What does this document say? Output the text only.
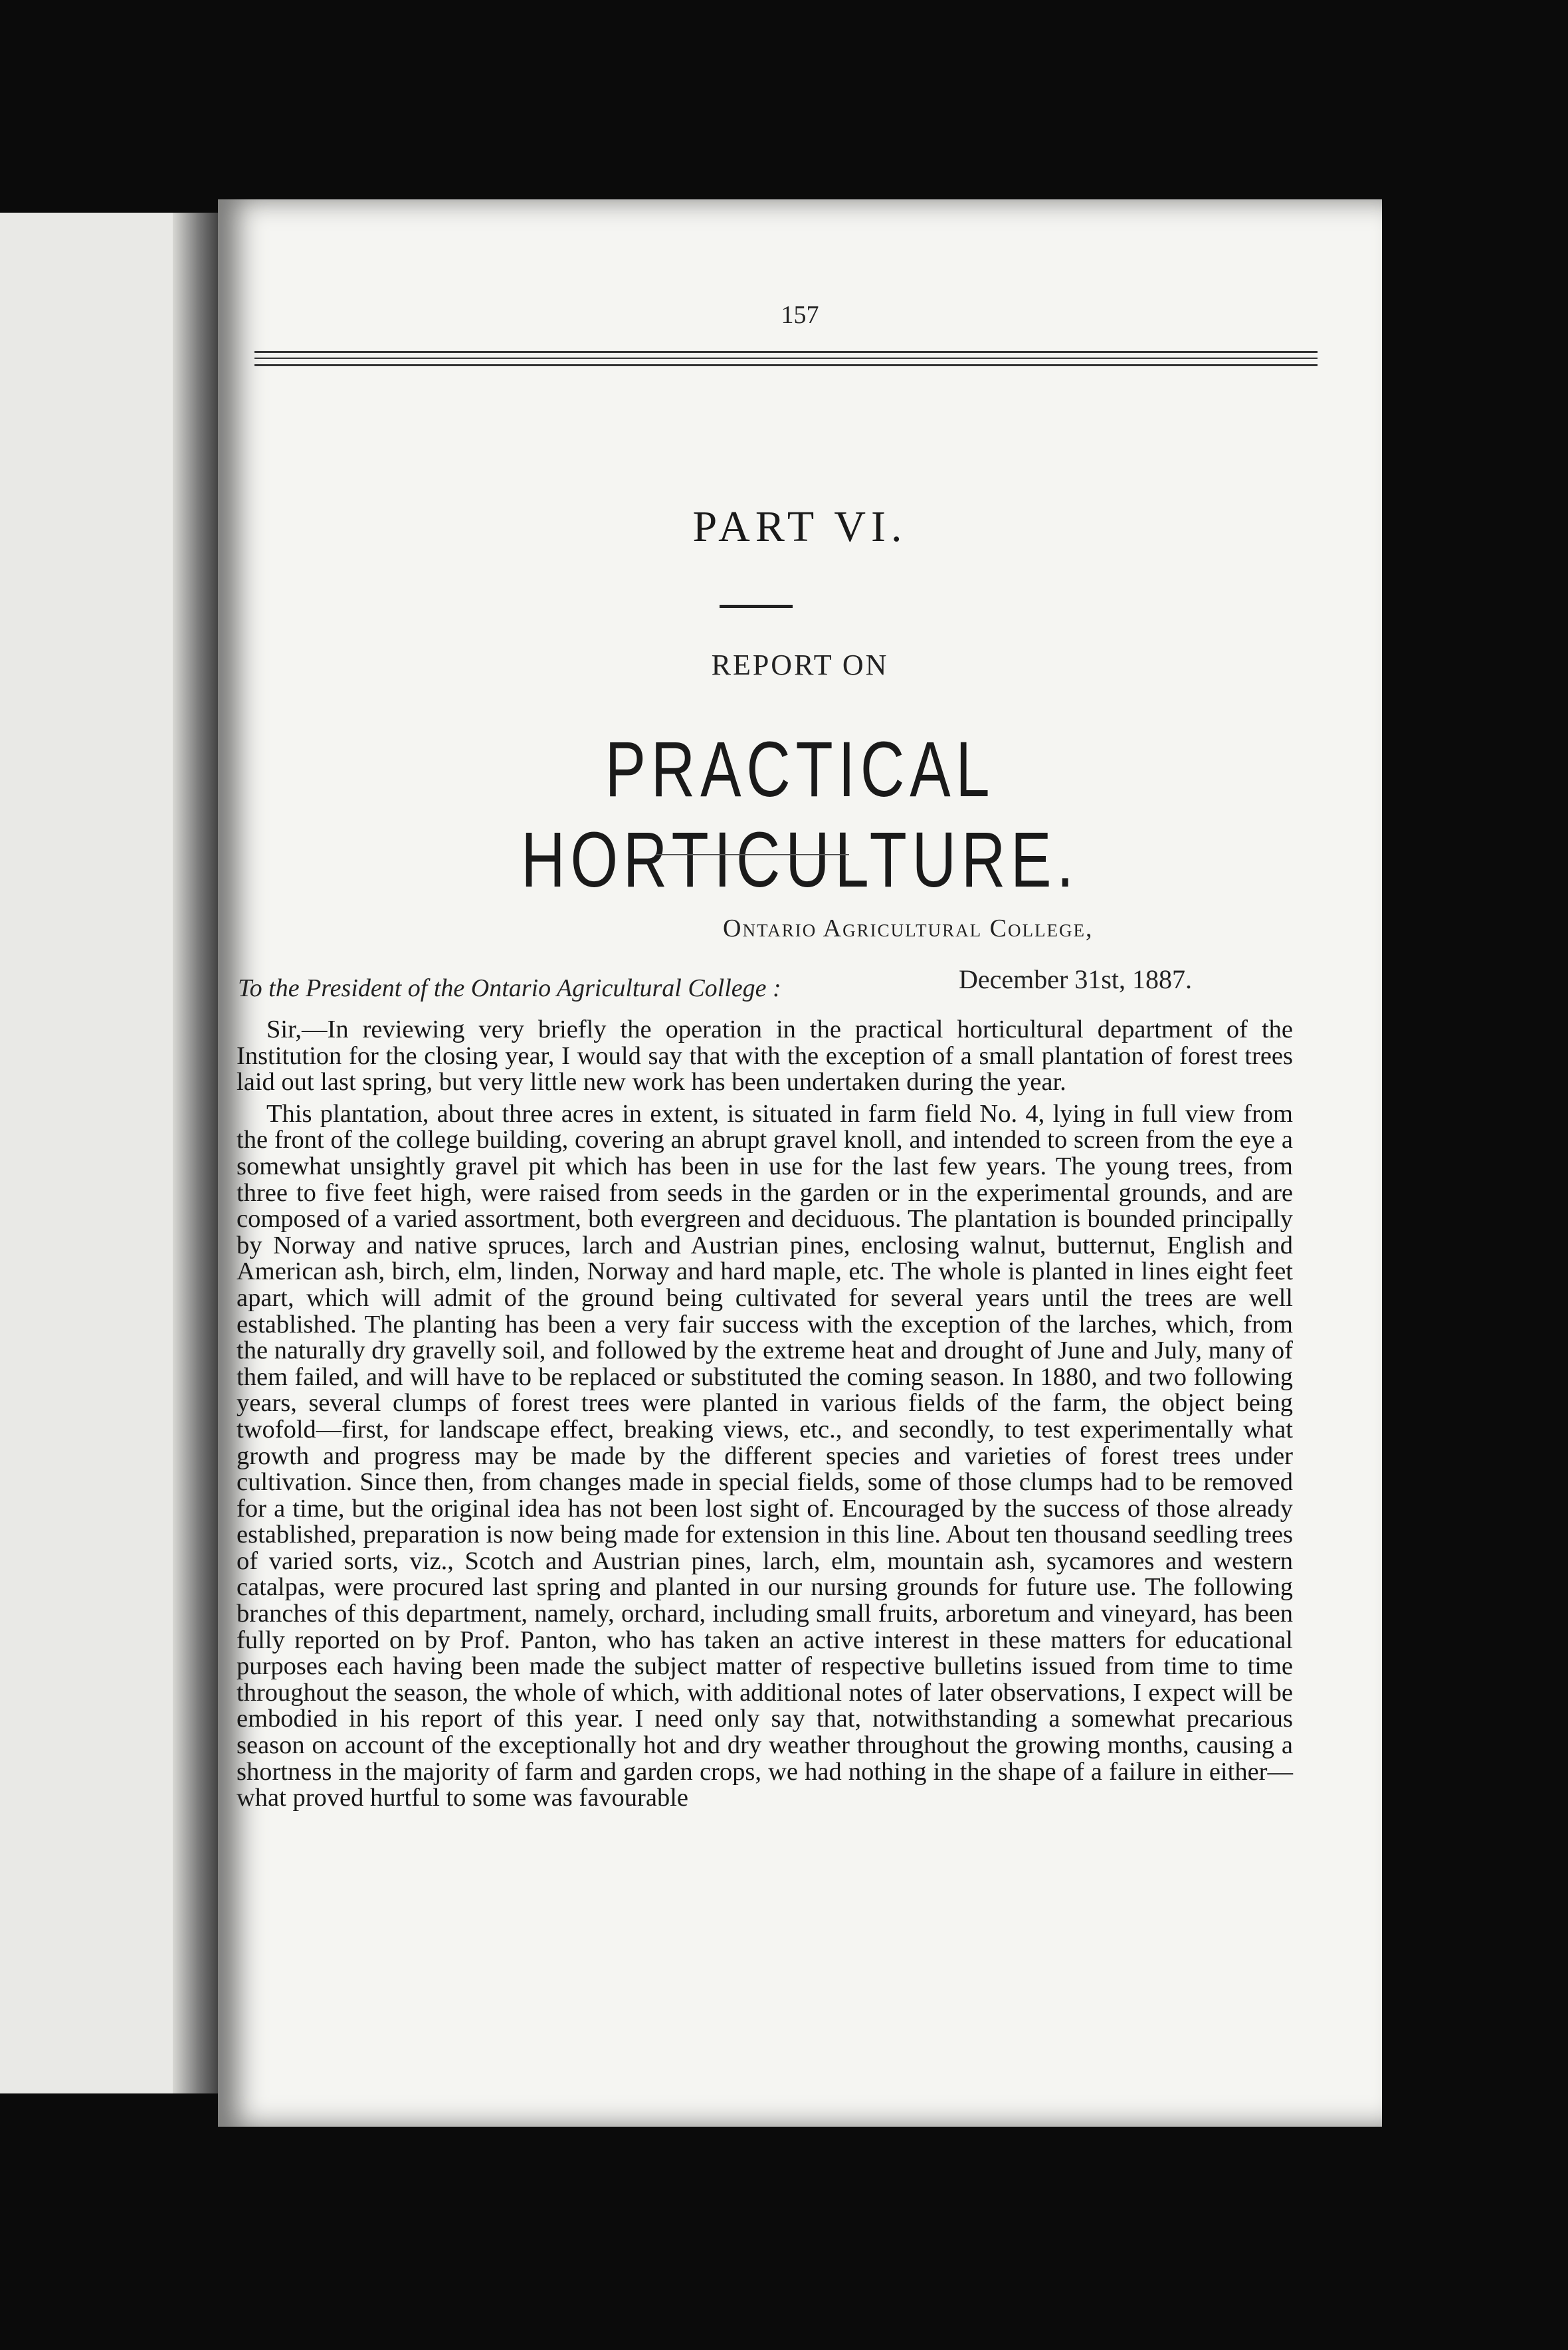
157
PART VI.
REPORT ON
PRACTICAL HORTICULTURE.
Ontario Agricultural College,
December 31st, 1887.
To the President of the Ontario Agricultural College :

Sir,—In reviewing very briefly the operation in the practical horticultural department of the Institution for the closing year, I would say that with the exception of a small plantation of forest trees laid out last spring, but very little new work has been undertaken during the year.

This plantation, about three acres in extent, is situated in farm field No. 4, lying in full view from the front of the college building, covering an abrupt gravel knoll, and intended to screen from the eye a somewhat unsightly gravel pit which has been in use for the last few years. The young trees, from three to five feet high, were raised from seeds in the garden or in the experimental grounds, and are composed of a varied assortment, both evergreen and deciduous. The plantation is bounded principally by Norway and native spruces, larch and Austrian pines, enclosing walnut, butternut, English and American ash, birch, elm, linden, Norway and hard maple, etc. The whole is planted in lines eight feet apart, which will admit of the ground being cultivated for several years until the trees are well established. The planting has been a very fair success with the exception of the larches, which, from the naturally dry gravelly soil, and followed by the extreme heat and drought of June and July, many of them failed, and will have to be replaced or substituted the coming season. In 1880, and two following years, several clumps of forest trees were planted in various fields of the farm, the object being twofold—first, for landscape effect, breaking views, etc., and secondly, to test experimentally what growth and progress may be made by the different species and varieties of forest trees under cultivation. Since then, from changes made in special fields, some of those clumps had to be removed for a time, but the original idea has not been lost sight of. Encouraged by the success of those already established, preparation is now being made for extension in this line. About ten thousand seedling trees of varied sorts, viz., Scotch and Austrian pines, larch, elm, mountain ash, sycamores and western catalpas, were procured last spring and planted in our nursing grounds for future use. The following branches of this department, namely, orchard, including small fruits, arboretum and vineyard, has been fully reported on by Prof. Panton, who has taken an active interest in these matters for educational purposes each having been made the subject matter of respective bulletins issued from time to time throughout the season, the whole of which, with additional notes of later observations, I expect will be embodied in his report of this year. I need only say that, notwithstanding a somewhat precarious season on account of the exceptionally hot and dry weather throughout the growing months, causing a shortness in the majority of farm and garden crops, we had nothing in the shape of a failure in either—what proved hurtful to some was favourable
